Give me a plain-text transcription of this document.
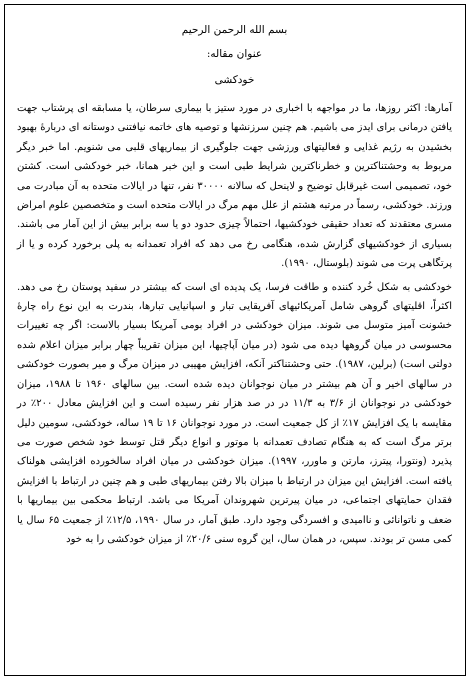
بسم الله الرحمن الرحيم
عنوان مقاله:
خودکشی

آمارها: اکثر روزها، ما در مواجهه با اخباری در مورد ستیز با بیماری سرطان، یا مسابقه ای پرشتاب جهت یافتن درمانی برای ایدز می باشیم. هم چنین سرزنشها و توصیه های خاتمه نیافتنی دوستانه ای دربارهٔ بهبود بخشیدن به رژیم غذایی و فعالیتهای ورزشی جهت جلوگیری از بیماریهای قلبی می شنویم. اما خبر دیگر مربوط به وحشتناکترین و خطرناکترین شرایط طبی است و این خبر همانا، خبر خودکشی است. کشتن خود، تصمیمی است غیرقابل توضیح و لاینحل که سالانه ۳۰۰۰۰ نفر، تنها در ایالات متحده به آن مبادرت می ورزند. خودکشی، رسماً در مرتبه هشتم از علل مهم مرگ در ایالات متحده است و متخصصین علوم امراض مسری معتقدند که تعداد حقیقی خودکشیها، احتمالاً چیزی حدود دو یا سه برابر بیش از این آمار می باشند. بسیاری از خودکشیهای گزارش شده، هنگامی رخ می دهد که افراد تعمدانه به پلی برخورد کرده و یا از پرتگاهی پرت می شوند (بلوستال، ۱۹۹۰).

خودکشی به شکل خُرد کننده و طاقت فرسا، یک پدیده ای است که بیشتر در سفید پوستان رخ می دهد. اکثراً، اقلیتهای گروهی شامل آمریکائیهای آفریقایی تبار و اسپانیایی تبارها، بندرت به این نوع راه چارهٔ خشونت آمیز متوسل می شوند. میزان خودکشی در افراد بومی آمریکا بسیار بالاست: اگر چه تغییرات محسوسی در میان گروهها دیده می شود (در میان آپاچیها، این میزان تقریباً چهار برابر میزان اعلام شده دولتی است) (برلین، ۱۹۸۷). حتی وحشتناکتر آنکه، افزایش مهیبی در میزان مرگ و میر بصورت خودکشی در سالهای اخیر و آن هم بیشتر در میان نوجوانان دیده شده است. بین سالهای ۱۹۶۰ تا ۱۹۸۸، میزان خودکشی در نوجوانان از ۳/۶ به ۱۱/۳ در در صد هزار نفر رسیده است و این افزایش معادل ۲۰۰٪ در مقایسه با یک افزایش ۱۷٪ از کل جمعیت است. در مورد نوجوانان ۱۶ تا ۱۹ ساله، خودکشی، سومین دلیل برتر مرگ است که به هنگام تصادف تعمدانه با موتور و انواع دیگر قتل توسط خود شخص صورت می پذیرد (ونتورا، پیترز، مارتن و ماورر، ۱۹۹۷). میزان خودکشی در میان افراد سالخورده افزایشی هولناک یافته است. افزایش این میزان در ارتباط با میزان بالا رفتن بیماریهای طبی و هم چنین در ارتباط با افزایش فقدان حمایتهای اجتماعی، در میان پیرترین شهروندان آمریکا می باشد. ارتباط محکمی بین بیماریها با ضعف و ناتوانائی و ناامیدی و افسردگی وجود دارد. طبق آمار، در سال ۱۹۹۰، ۱۲/۵٪ از جمعیت ۶۵ سال یا کمی مسن تر بودند. سپس، در همان سال، این گروه سنی ۲۰/۶٪ از میزان خودکشی را به خود
